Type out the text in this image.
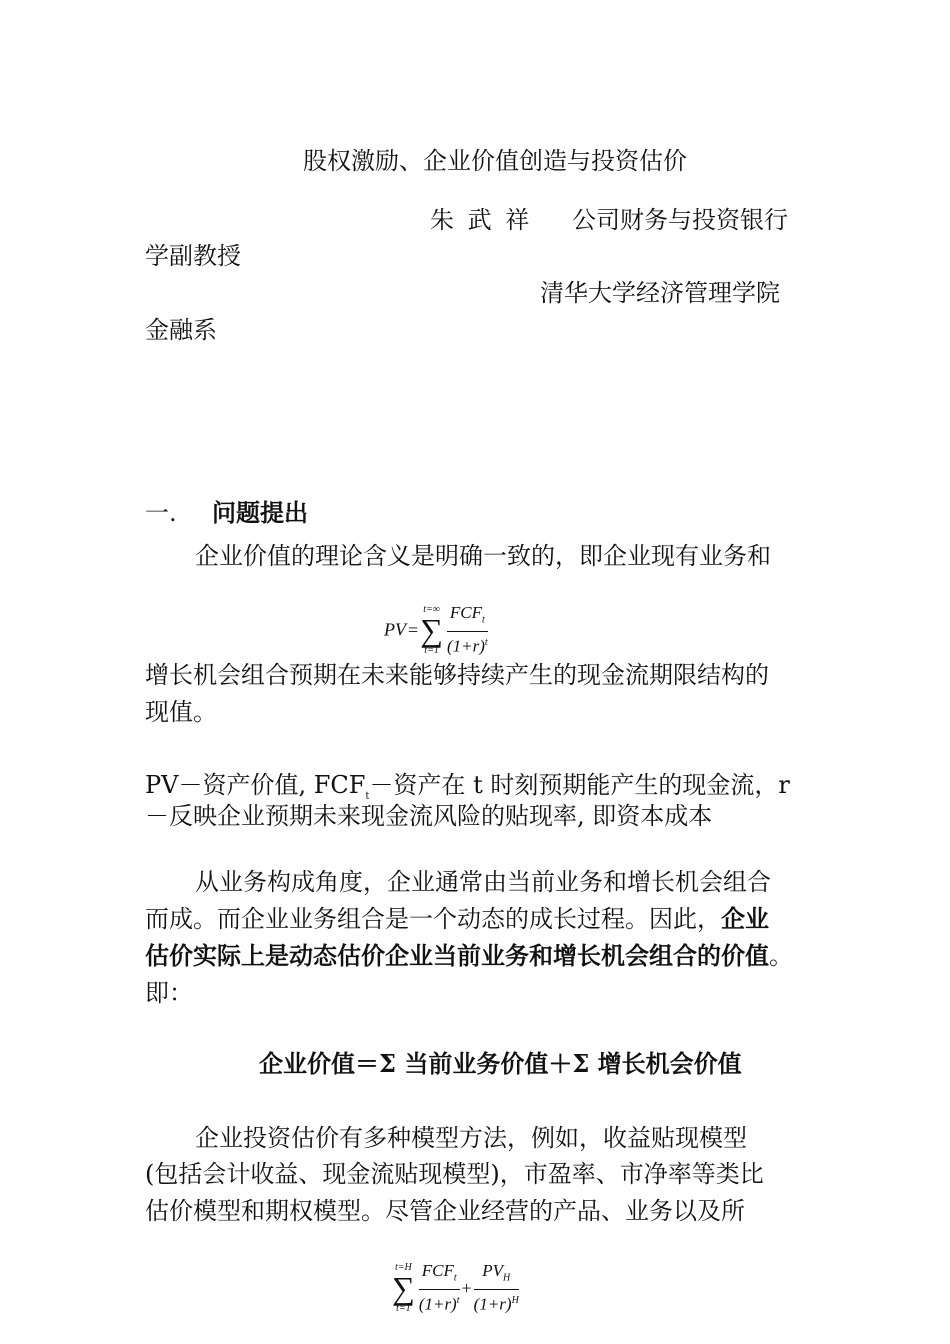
股权激励、企业价值创造与投资估价
朱 武 祥 公司财务与投资银行
学副教授
清华大学经济管理学院
金融系
一. 问题提出
企业价值的理论含义是明确一致的，即企业现有业务和
PV =
t=∞
∑
$t=1 \frac{FCF_t}{(1+r)^t}$
增长机会组合预期在未来能够持续产生的现金流期限结构的
现值。
PV－资产价值, $FCF_t-$资产在 t 时刻预期能产生的现金流，r
－反映企业预期未来现金流风险的贴现率, 即资本成本
从业务构成角度，企业通常由当前业务和增长机会组合
而成。而企业业务组合是一个动态的成长过程。因此，企业
估价实际上是动态估价企业当前业务和增长机会组合的价值。
即：
企业价值＝Σ 当前业务价值＋Σ 增长机会价值
企业投资估价有多种模型方法，例如，收益贴现模型
(包括会计收益、现金流贴现模型)，市盈率、市净率等类比
估价模型和期权模型。尽管企业经营的产品、业务以及所
t=H
∑
$t=1 \frac{FCF_t}{(1+r)^t} + \frac{PV_H}{(1+r)^H}$
